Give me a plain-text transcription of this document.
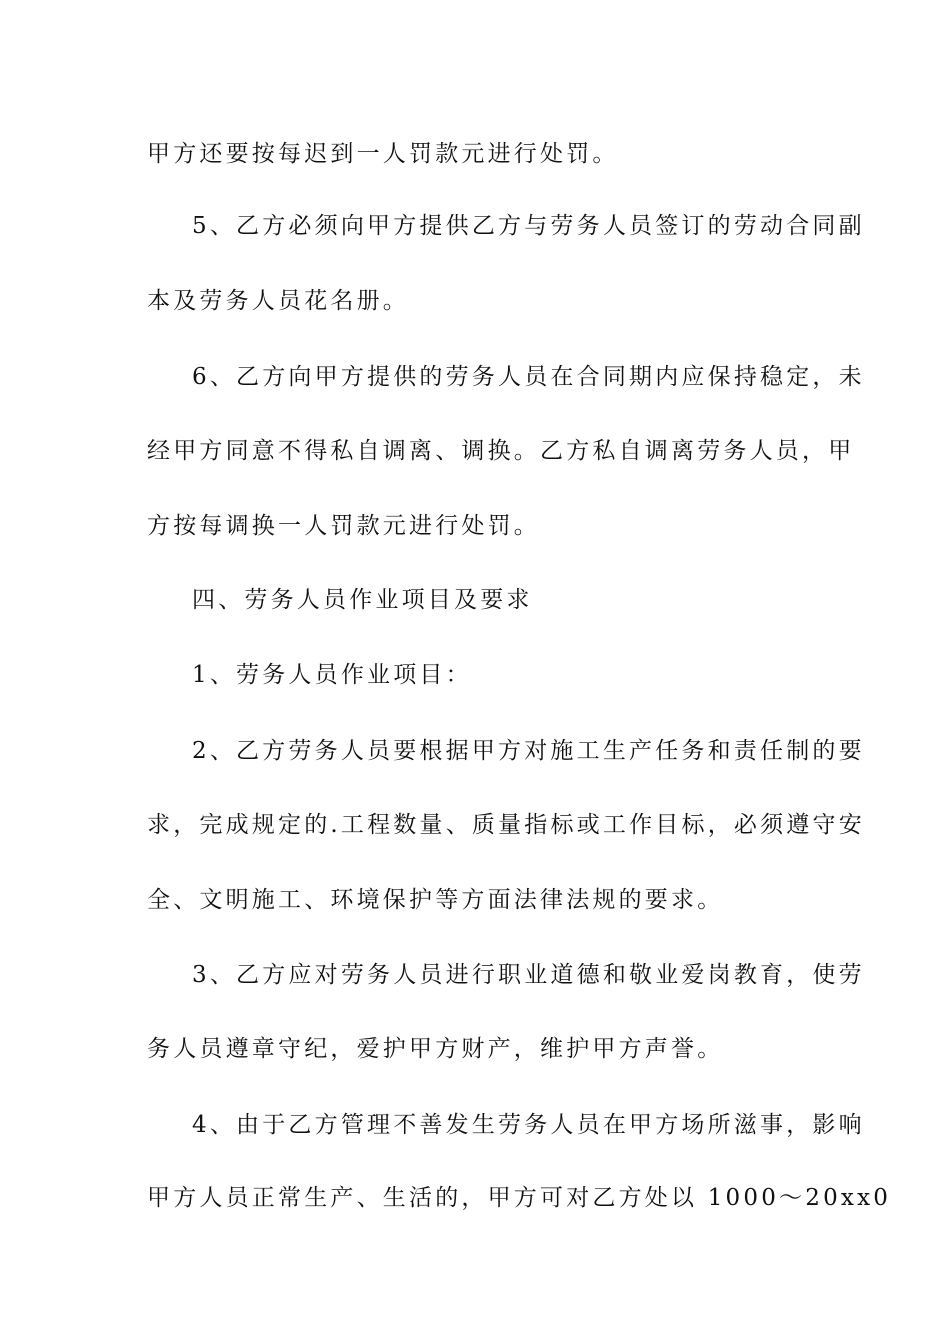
甲方还要按每迟到一人罚款元进行处罚。
5、乙方必须向甲方提供乙方与劳务人员签订的劳动合同副
本及劳务人员花名册。
6、乙方向甲方提供的劳务人员在合同期内应保持稳定，未
经甲方同意不得私自调离、调换。乙方私自调离劳务人员，甲
方按每调换一人罚款元进行处罚。
四、劳务人员作业项目及要求
1、劳务人员作业项目：
2、乙方劳务人员要根据甲方对施工生产任务和责任制的要
求，完成规定的.工程数量、质量指标或工作目标，必须遵守安
全、文明施工、环境保护等方面法律法规的要求。
3、乙方应对劳务人员进行职业道德和敬业爱岗教育，使劳
务人员遵章守纪，爱护甲方财产，维护甲方声誉。
4、由于乙方管理不善发生劳务人员在甲方场所滋事，影响
甲方人员正常生产、生活的，甲方可对乙方处以 1000～20xx0
